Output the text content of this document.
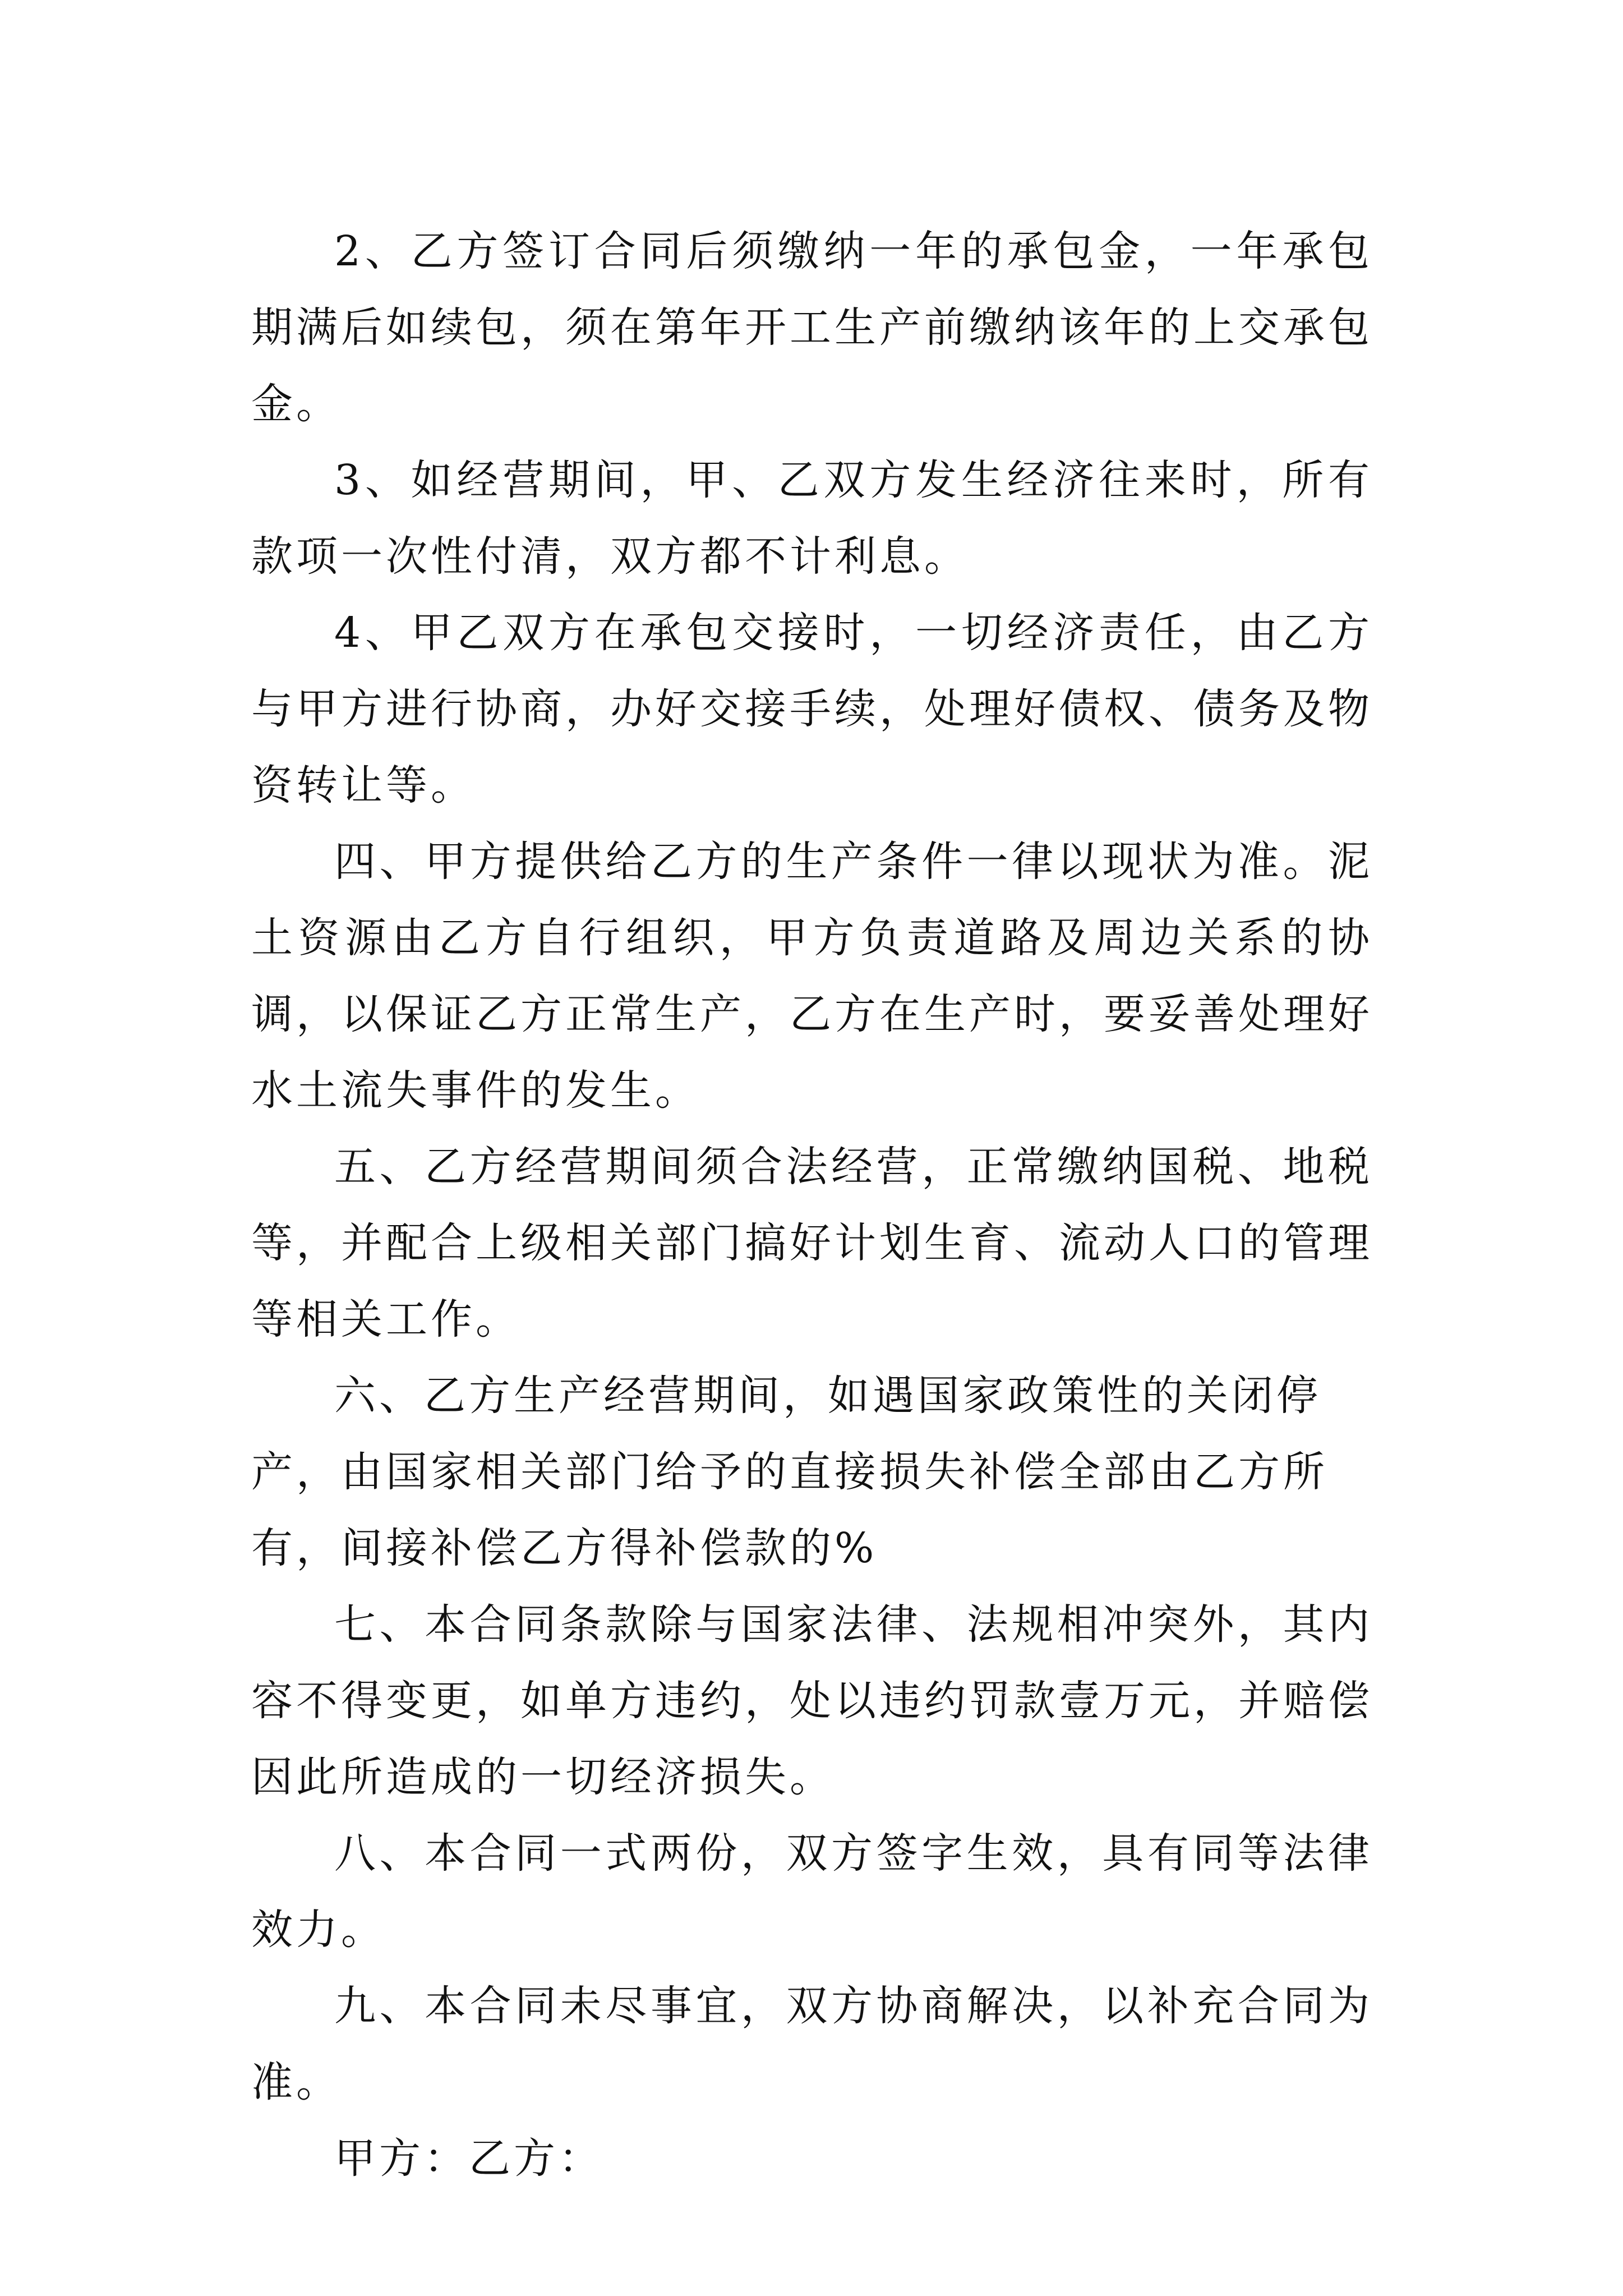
2、乙方签订合同后须缴纳一年的承包金，一年承包期满后如续包，须在第年开工生产前缴纳该年的上交承包金。

3、如经营期间，甲、乙双方发生经济往来时，所有款项一次性付清，双方都不计利息。

4、甲乙双方在承包交接时，一切经济责任，由乙方与甲方进行协商，办好交接手续，处理好债权、债务及物资转让等。

四、甲方提供给乙方的生产条件一律以现状为准。泥土资源由乙方自行组织，甲方负责道路及周边关系的协调，以保证乙方正常生产，乙方在生产时，要妥善处理好水土流失事件的发生。

五、乙方经营期间须合法经营，正常缴纳国税、地税等，并配合上级相关部门搞好计划生育、流动人口的管理等相关工作。

六、乙方生产经营期间，如遇国家政策性的关闭停产，由国家相关部门给予的直接损失补偿全部由乙方所有，间接补偿乙方得补偿款的%

七、本合同条款除与国家法律、法规相冲突外，其内容不得变更，如单方违约，处以违约罚款壹万元，并赔偿因此所造成的一切经济损失。

八、本合同一式两份，双方签字生效，具有同等法律效力。

九、本合同未尽事宜，双方协商解决，以补充合同为准。

甲方：乙方：
